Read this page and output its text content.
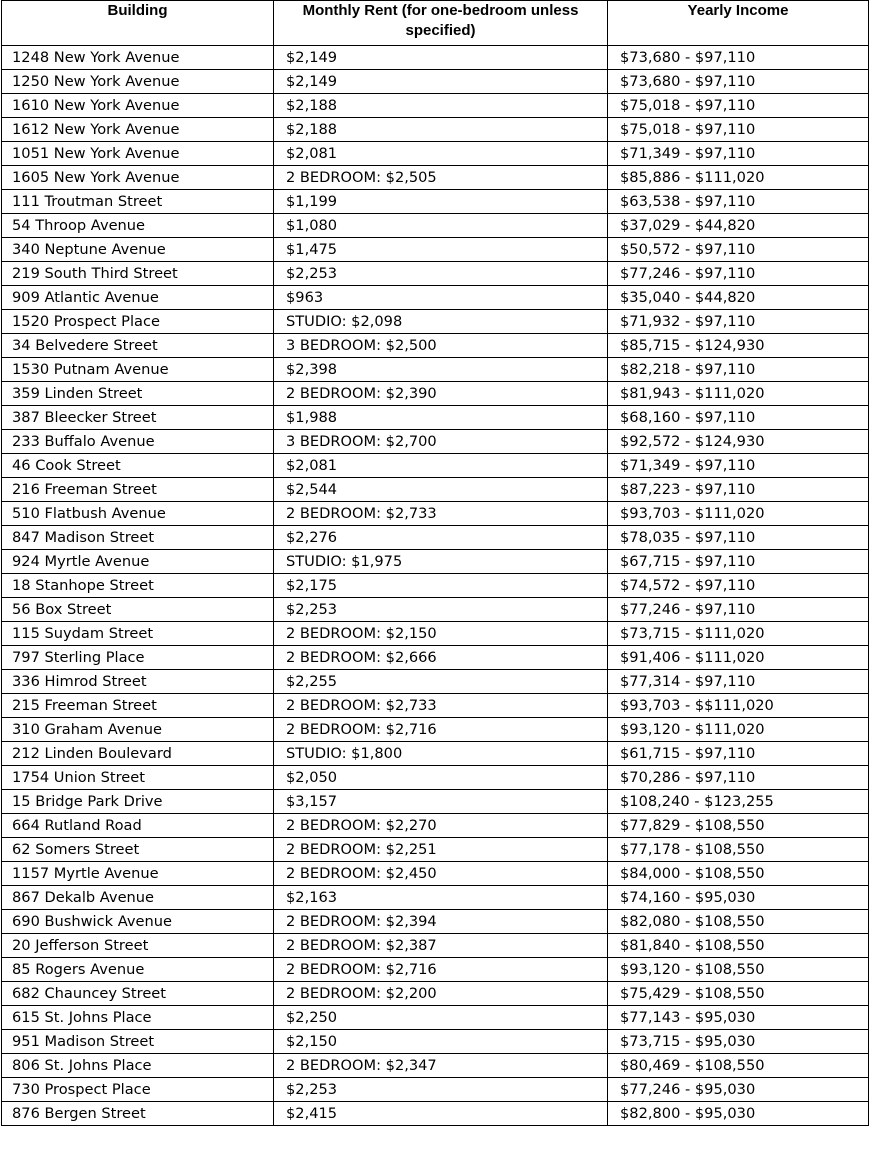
Building	Monthly Rent (for one-bedroom unless specified)	Yearly Income
1248 New York Avenue	$2,149	$73,680 - $97,110
1250 New York Avenue	$2,149	$73,680 - $97,110
1610 New York Avenue	$2,188	$75,018 - $97,110
1612 New York Avenue	$2,188	$75,018 - $97,110
1051 New York Avenue	$2,081	$71,349 - $97,110
1605 New York Avenue	2 BEDROOM: $2,505	$85,886 - $111,020
111 Troutman Street	$1,199	$63,538 - $97,110
54 Throop Avenue	$1,080	$37,029 - $44,820
340 Neptune Avenue	$1,475	$50,572 - $97,110
219 South Third Street	$2,253	$77,246 - $97,110
909 Atlantic Avenue	$963	$35,040 - $44,820
1520 Prospect Place	STUDIO: $2,098	$71,932 - $97,110
34 Belvedere Street	3 BEDROOM: $2,500	$85,715 - $124,930
1530 Putnam Avenue	$2,398	$82,218 - $97,110
359 Linden Street	2 BEDROOM: $2,390	$81,943 - $111,020
387 Bleecker Street	$1,988	$68,160 - $97,110
233 Buffalo Avenue	3 BEDROOM: $2,700	$92,572 - $124,930
46 Cook Street	$2,081	$71,349 - $97,110
216 Freeman Street	$2,544	$87,223 - $97,110
510 Flatbush Avenue	2 BEDROOM: $2,733	$93,703 - $111,020
847 Madison Street	$2,276	$78,035 - $97,110
924 Myrtle Avenue	STUDIO: $1,975	$67,715 - $97,110
18 Stanhope Street	$2,175	$74,572 - $97,110
56 Box Street	$2,253	$77,246 - $97,110
115 Suydam Street	2 BEDROOM: $2,150	$73,715 - $111,020
797 Sterling Place	2 BEDROOM: $2,666	$91,406 - $111,020
336 Himrod Street	$2,255	$77,314 - $97,110
215 Freeman Street	2 BEDROOM: $2,733	$93,703 - $$111,020
310 Graham Avenue	2 BEDROOM: $2,716	$93,120 - $111,020
212 Linden Boulevard	STUDIO: $1,800	$61,715 - $97,110
1754 Union Street	$2,050	$70,286 - $97,110
15 Bridge Park Drive	$3,157	$108,240 - $123,255
664 Rutland Road	2 BEDROOM: $2,270	$77,829 - $108,550
62 Somers Street	2 BEDROOM: $2,251	$77,178 - $108,550
1157 Myrtle Avenue	2 BEDROOM: $2,450	$84,000 - $108,550
867 Dekalb Avenue	$2,163	$74,160 - $95,030
690 Bushwick Avenue	2 BEDROOM: $2,394	$82,080 - $108,550
20 Jefferson Street	2 BEDROOM: $2,387	$81,840 - $108,550
85 Rogers Avenue	2 BEDROOM: $2,716	$93,120 - $108,550
682 Chauncey Street	2 BEDROOM: $2,200	$75,429 - $108,550
615 St. Johns Place	$2,250	$77,143 - $95,030
951 Madison Street	$2,150	$73,715 - $95,030
806 St. Johns Place	2 BEDROOM: $2,347	$80,469 - $108,550
730 Prospect Place	$2,253	$77,246 - $95,030
876 Bergen Street	$2,415	$82,800 - $95,030
